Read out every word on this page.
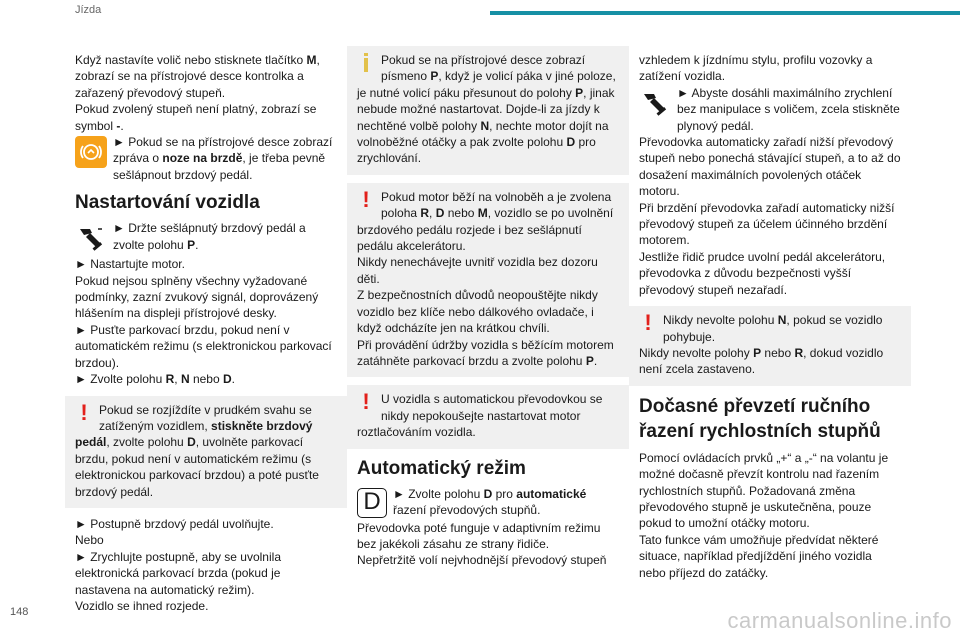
Jízda

Když nastavíte volič nebo stisknete tlačítko M, zobrazí se na přístrojové desce kontrolka a zařazený převodový stupeň.

Pokud zvolený stupeň není platný, zobrazí se symbol -.

► Pokud se na přístrojové desce zobrazí zpráva o noze na brzdě, je třeba pevně sešlápnout brzdový pedál.

Nastartování vozidla

► Držte sešlápnutý brzdový pedál a zvolte polohu P.

► Nastartujte motor.

Pokud nejsou splněny všechny vyžadované podmínky, zazní zvukový signál, doprovázený hlášením na displeji přístrojové desky.

► Pusťte parkovací brzdu, pokud není v automatickém režimu (s elektronickou parkovací brzdou).

► Zvolte polohu R, N nebo D.

! Pokud se rozjíždíte v prudkém svahu se zatíženým vozidlem, stiskněte brzdový pedál, zvolte polohu D, uvolněte parkovací brzdu, pokud není v automatickém režimu (s elektronickou parkovací brzdou) a poté pusťte brzdový pedál.

► Postupně brzdový pedál uvolňujte.

Nebo

► Zrychlujte postupně, aby se uvolnila elektronická parkovací brzda (pokud je nastavena na automatický režim).

Vozidlo se ihned rozjede.

Pokud se na přístrojové desce zobrazí písmeno P, když je volicí páka v jiné poloze, je nutné volicí páku přesunout do polohy P, jinak nebude možné nastartovat. Dojde-li za jízdy k nechtěné volbě polohy N, nechte motor dojít na volnoběžné otáčky a pak zvolte polohu D pro zrychlování.

! Pokud motor běží na volnoběh a je zvolena poloha R, D nebo M, vozidlo se po uvolnění brzdového pedálu rozjede i bez sešlápnutí pedálu akcelerátoru.

Nikdy nenechávejte uvnitř vozidla bez dozoru děti.

Z bezpečnostních důvodů neopouštějte nikdy vozidlo bez klíče nebo dálkového ovladače, i když odcházíte jen na krátkou chvíli.

Při provádění údržby vozidla s běžícím motorem zatáhněte parkovací brzdu a zvolte polohu P.

! U vozidla s automatickou převodovkou se nikdy nepokoušejte nastartovat motor roztlačováním vozidla.

Automatický režim
D	► Zvolte polohu D pro automatické řazení převodových stupňů.

Převodovka poté funguje v adaptivním režimu bez jakékoli zásahu ze strany řidiče.

Nepřetržitě volí nejvhodnější převodový stupeň

vzhledem k jízdnímu stylu, profilu vozovky a zatížení vozidla.

► Abyste dosáhli maximálního zrychlení bez manipulace s voličem, zcela stiskněte plynový pedál.

Převodovka automaticky zařadí nižší převodový stupeň nebo ponechá stávající stupeň, a to až do dosažení maximálních povolených otáček motoru.

Při brzdění převodovka zařadí automaticky nižší převodový stupeň za účelem účinného brzdění motorem.

Jestliže řidič prudce uvolní pedál akcelerátoru, převodovka z důvodu bezpečnosti vyšší převodový stupeň nezařadí.

! Nikdy nevolte polohu N, pokud se vozidlo pohybuje.

Nikdy nevolte polohy P nebo R, dokud vozidlo není zcela zastaveno.

Dočasné převzetí ručního řazení rychlostních stupňů

Pomocí ovládacích prvků „+“ a „-“ na volantu je možné dočasně převzít kontrolu nad řazením rychlostních stupňů. Požadovaná změna převodového stupně je uskutečněna, pouze pokud to umožní otáčky motoru.

Tato funkce vám umožňuje předvídat některé situace, například předjíždění jiného vozidla nebo příjezd do zatáčky.

148	carmanualsonline.info
